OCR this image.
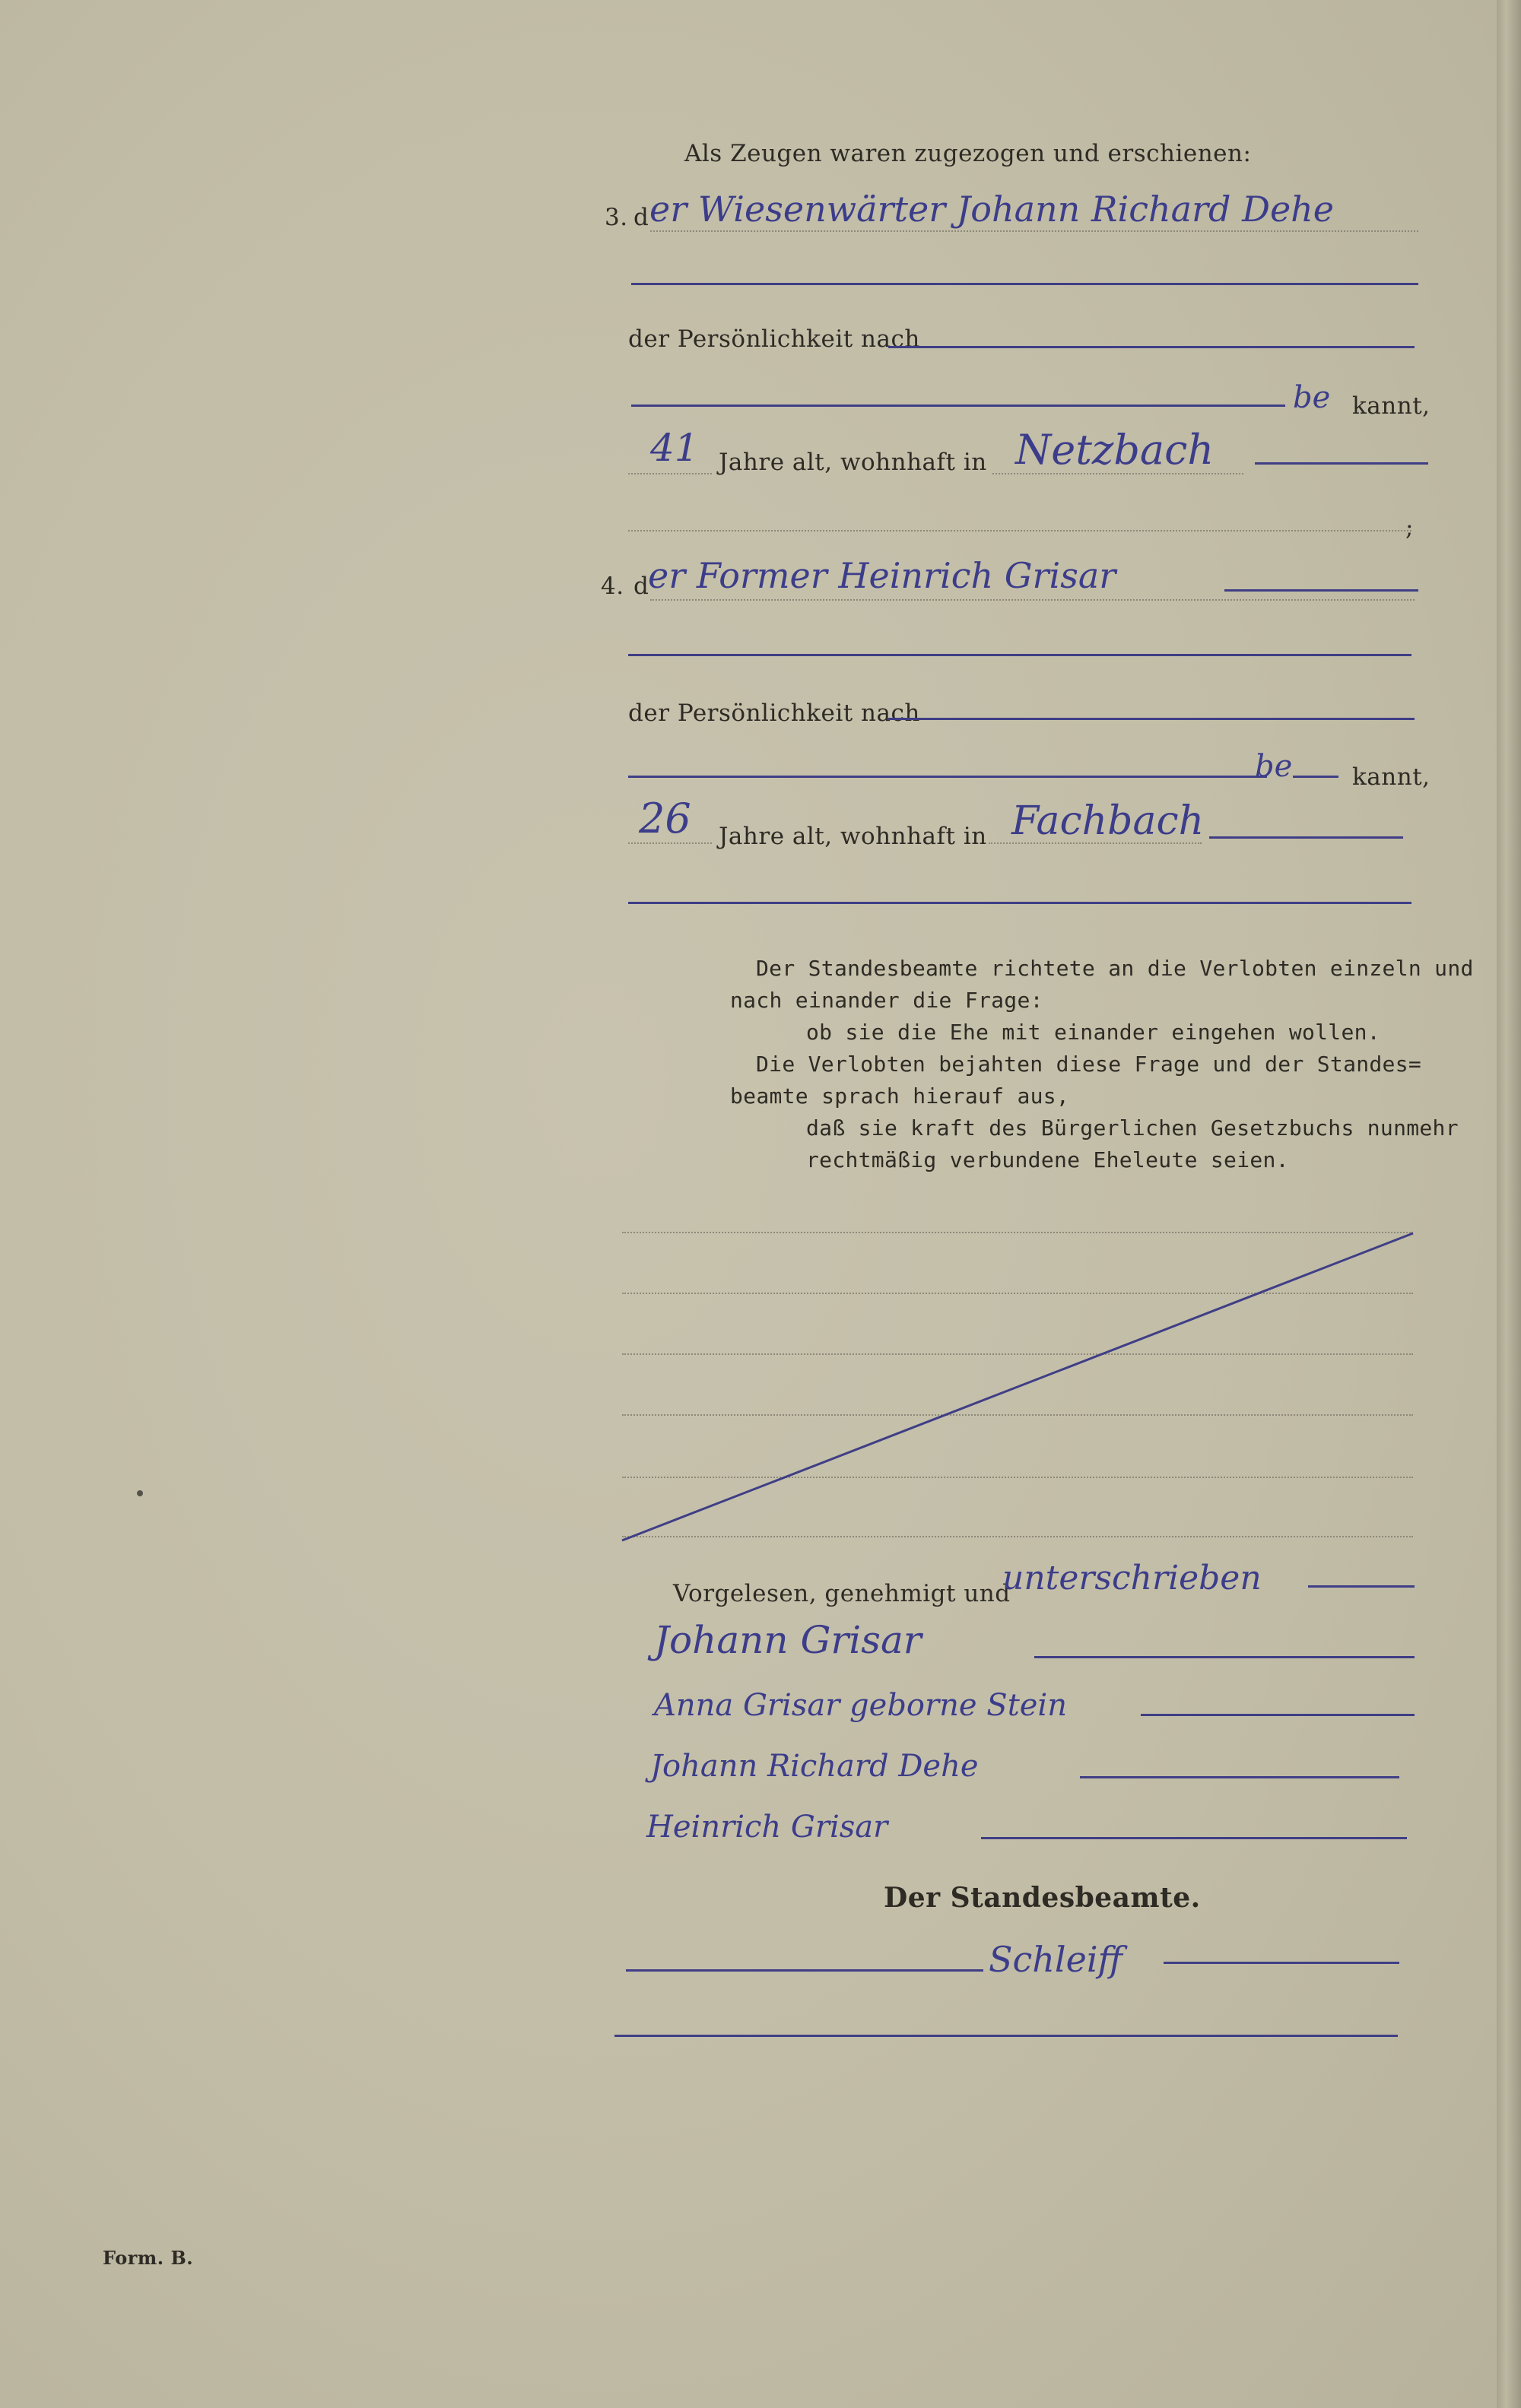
Als Zeugen waren zugezogen und erschienen:
3. d er Wiesenwärter Johann Richard Dehe
der Persönlichkeit nach
be kannt,
41 Jahre alt, wohnhaft in Netzbach
;
4. d
er Former Heinrich Grisar
der Persönlichkeit nach
be	kannt,
26 Jahre alt, wohnhaft in Fachbach
Der Standesbeamte richtete an die Verlobten einzeln und
nach einander die Frage:
ob sie die Ehe mit einander eingehen wollen.
Die Verlobten bejahten diese Frage und der Standes=
beamte sprach hierauf aus,
daß sie kraft des Bürgerlichen Gesetzbuchs nunmehr
rechtmäßig verbundene Eheleute seien.
Vorgelesen, genehmigt und
unterschrieben
Johann Grisar
Anna Grisar geborne Stein
Johann Richard Dehe
Heinrich Grisar
Der Standesbeamte.
Schleiff
Form. B.
